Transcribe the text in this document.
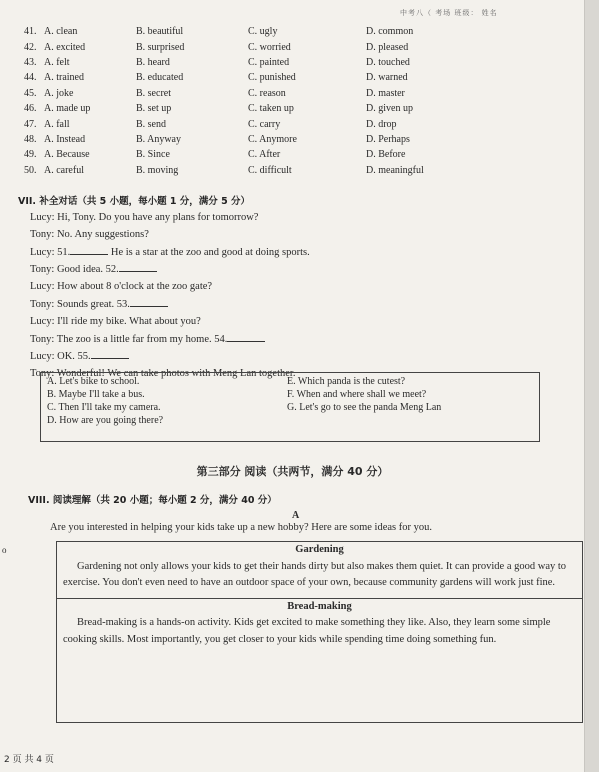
中考八（ 考场 班级： 姓名
41. A. clean	B. beautiful	C. ugly	D. common
42. A. excited	B. surprised	C. worried	D. pleased
43. A. felt	B. heard	C. painted	D. touched
44. A. trained	B. educated	C. punished	D. warned
45. A. joke	B. secret	C. reason	D. master
46. A. made up	B. set up	C. taken up	D. given up
47. A. fall	B. send	C. carry	D. drop
48. A. Instead	B. Anyway	C. Anymore	D. Perhaps
49. A. Because	B. Since	C. After	D. Before
50. A. careful	B. moving	C. difficult	D. meaningful
VII. 补全对话（共 5 小题，每小题 1 分，满分 5 分）
Lucy: Hi, Tony. Do you have any plans for tomorrow?
Tony: No. Any suggestions?
Lucy: 51.	He is a star at the zoo and good at doing sports.
Tony: Good idea. 52.
Lucy: How about 8 o'clock at the zoo gate?
Tony: Sounds great. 53.
Lucy: I'll ride my bike. What about you?
Tony: The zoo is a little far from my home. 54.
Lucy: OK. 55.
Tony: Wonderful! We can take photos with Meng Lan together.
A. Let's bike to school.	E. Which panda is the cutest?
B. Maybe I'll take a bus.	F. When and where shall we meet?
C. Then I'll take my camera.	G. Let's go to see the panda Meng Lan
D. How are you going there?
第三部分 阅读（共两节，满分 40 分）
VIII. 阅读理解（共 20 小题；每小题 2 分，满分 40 分）
A
Are you interested in helping your kids take up a new hobby? Here are some ideas for you.
Gardening
Gardening not only allows your kids to get their hands dirty but also makes them quiet. It can provide a good way to exercise. You don't even need to have an outdoor space of your own, because community gardens will work just fine.
Bread-making
Bread-making is a hands-on activity. Kids get excited to make something they like. Also, they learn some simple cooking skills. Most importantly, you get closer to your kids while spending time doing something fun.
o
2 页 共 4 页
